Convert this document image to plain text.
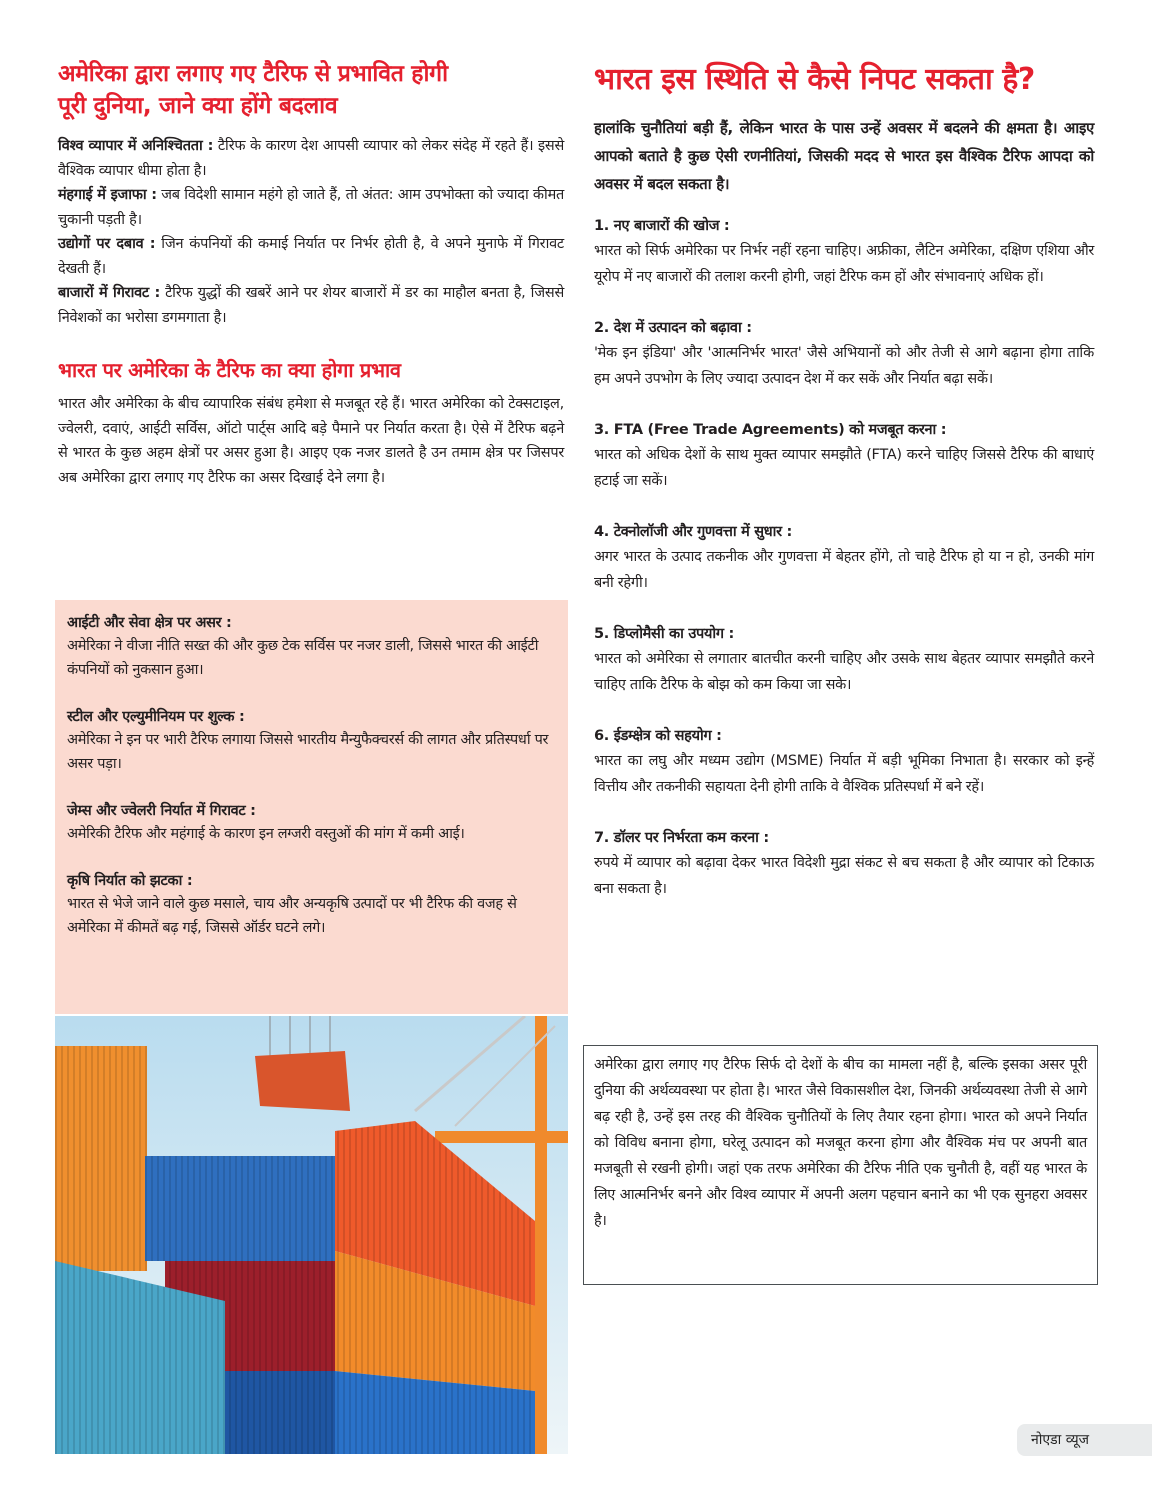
अमेरिका द्वारा लगाए गए टैरिफ से प्रभावित होगी
पूरी दुनिया, जाने क्या होंगे बदलाव

विश्व व्यापार में अनिश्चितता : टैरिफ के कारण देश आपसी व्यापार को लेकर संदेह में रहते हैं। इससे वैश्विक व्यापार धीमा होता है।

मंहगाई में इजाफा : जब विदेशी सामान महंगे हो जाते हैं, तो अंतत: आम उपभोक्ता को ज्यादा कीमत चुकानी पड़ती है।

उद्योगों पर दबाव : जिन कंपनियों की कमाई निर्यात पर निर्भर होती है, वे अपने मुनाफे में गिरावट देखती हैं।

बाजारों में गिरावट : टैरिफ युद्धों की खबरें आने पर शेयर बाजारों में डर का माहौल बनता है, जिससे निवेशकों का भरोसा डगमगाता है।

भारत पर अमेरिका के टैरिफ का क्या होगा प्रभाव

भारत और अमेरिका के बीच व्यापारिक संबंध हमेशा से मजबूत रहे हैं। भारत अमेरिका को टेक्सटाइल, ज्वेलरी, दवाएं, आईटी सर्विस, ऑटो पार्ट्स आदि बड़े पैमाने पर निर्यात करता है। ऐसे में टैरिफ बढ़ने से भारत के कुछ अहम क्षेत्रों पर असर हुआ है। आइए एक नजर डालते है उन तमाम क्षेत्र पर जिसपर अब अमेरिका द्वारा लगाए गए टैरिफ का असर दिखाई देने लगा है।

आईटी और सेवा क्षेत्र पर असर :
अमेरिका ने वीजा नीति सख्त की और कुछ टेक सर्विस पर नजर डाली, जिससे भारत की आईटी कंपनियों को नुकसान हुआ।
स्टील और एल्युमीनियम पर शुल्क :
अमेरिका ने इन पर भारी टैरिफ लगाया जिससे भारतीय मैन्युफैक्चरर्स की लागत और प्रतिस्पर्धा पर असर पड़ा।
जेम्स और ज्वेलरी निर्यात में गिरावट :
अमेरिकी टैरिफ और महंगाई के कारण इन लग्जरी वस्तुओं की मांग में कमी आई।
कृषि निर्यात को झटका :
भारत से भेजे जाने वाले कुछ मसाले, चाय और अन्यकृषि उत्पादों पर भी टैरिफ की वजह से अमेरिका में कीमतें बढ़ गई, जिससे ऑर्डर घटने लगे।
भारत इस स्थिति से कैसे निपट सकता है?

हालांकि चुनौतियां बड़ी हैं, लेकिन भारत के पास उन्हें अवसर में बदलने की क्षमता है। आइए आपको बताते है कुछ ऐसी रणनीतियां, जिसकी मदद से भारत इस वैश्विक टैरिफ आपदा को अवसर में बदल सकता है।

1. नए बाजारों की खोज :
भारत को सिर्फ अमेरिका पर निर्भर नहीं रहना चाहिए। अफ्रीका, लैटिन अमेरिका, दक्षिण एशिया और यूरोप में नए बाजारों की तलाश करनी होगी, जहां टैरिफ कम हों और संभावनाएं अधिक हों।
2. देश में उत्पादन को बढ़ावा :
'मेक इन इंडिया' और 'आत्मनिर्भर भारत' जैसे अभियानों को और तेजी से आगे बढ़ाना होगा ताकि हम अपने उपभोग के लिए ज्यादा उत्पादन देश में कर सकें और निर्यात बढ़ा सकें।
3. FTA (Free Trade Agreements) को मजबूत करना :
भारत को अधिक देशों के साथ मुक्त व्यापार समझौते (FTA) करने चाहिए जिससे टैरिफ की बाधाएं हटाई जा सकें।
4. टेक्नोलॉजी और गुणवत्ता में सुधार :
अगर भारत के उत्पाद तकनीक और गुणवत्ता में बेहतर होंगे, तो चाहे टैरिफ हो या न हो, उनकी मांग बनी रहेगी।
5. डिप्लोमैसी का उपयोग :
भारत को अमेरिका से लगातार बातचीत करनी चाहिए और उसके साथ बेहतर व्यापार समझौते करने चाहिए ताकि टैरिफ के बोझ को कम किया जा सके।
6. ईडम्क्षेत्र को सहयोग :
भारत का लघु और मध्यम उद्योग (MSME) निर्यात में बड़ी भूमिका निभाता है। सरकार को इन्हें वित्तीय और तकनीकी सहायता देनी होगी ताकि वे वैश्विक प्रतिस्पर्धा में बने रहें।
7. डॉलर पर निर्भरता कम करना :
रुपये में व्यापार को बढ़ावा देकर भारत विदेशी मुद्रा संकट से बच सकता है और व्यापार को टिकाऊ बना सकता है।

अमेरिका द्वारा लगाए गए टैरिफ सिर्फ दो देशों के बीच का मामला नहीं है, बल्कि इसका असर पूरी दुनिया की अर्थव्यवस्था पर होता है। भारत जैसे विकासशील देश, जिनकी अर्थव्यवस्था तेजी से आगे बढ़ रही है, उन्हें इस तरह की वैश्विक चुनौतियों के लिए तैयार रहना होगा। भारत को अपने निर्यात को विविध बनाना होगा, घरेलू उत्पादन को मजबूत करना होगा और वैश्विक मंच पर अपनी बात मजबूती से रखनी होगी। जहां एक तरफ अमेरिका की टैरिफ नीति एक चुनौती है, वहीं यह भारत के लिए आत्मनिर्भर बनने और विश्व व्यापार में अपनी अलग पहचान बनाने का भी एक सुनहरा अवसर है।

नोएडा व्यूज
